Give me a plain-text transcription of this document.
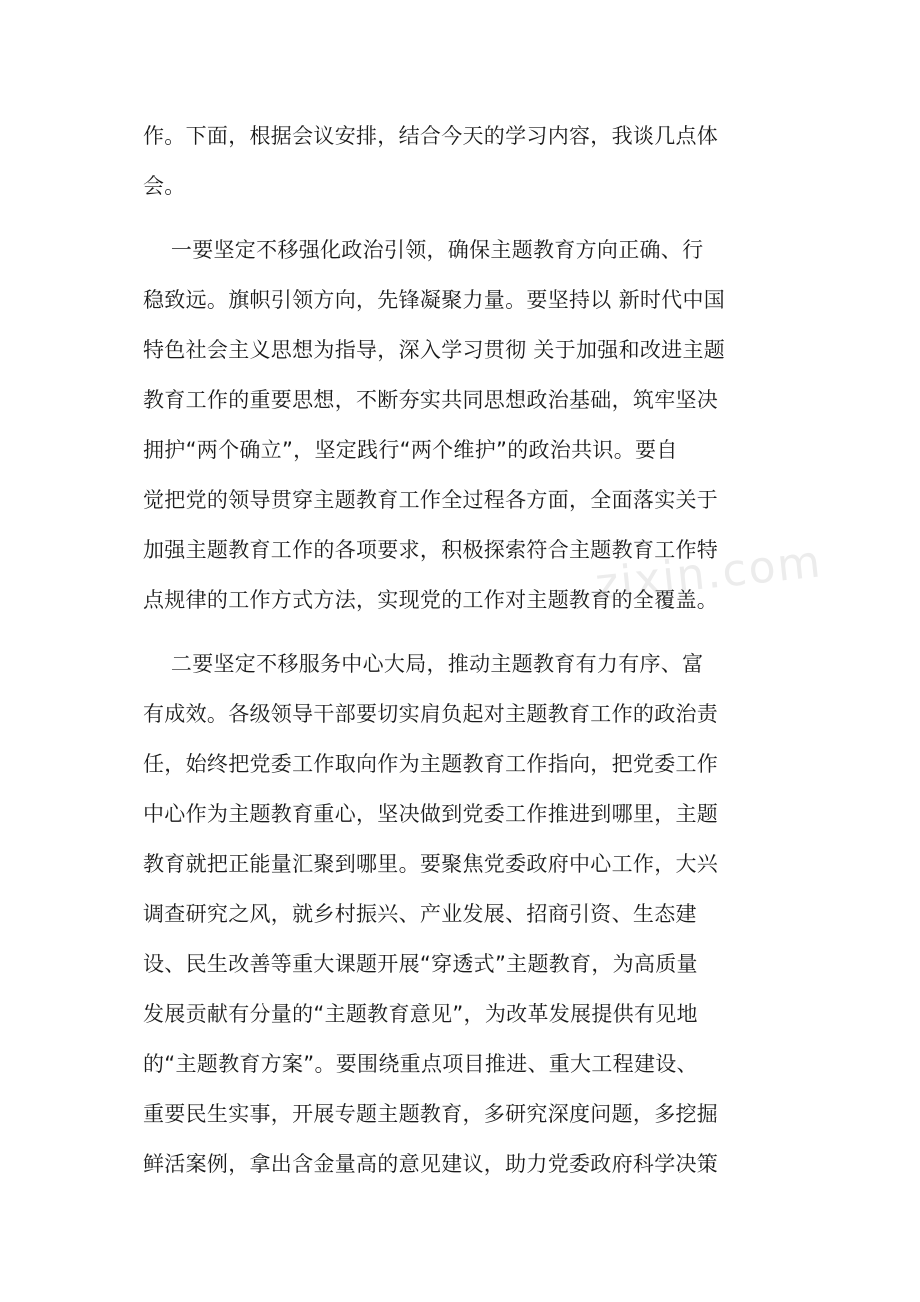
zixin.com
作。下面，根据会议安排，结合今天的学习内容，我谈几点体
会。
一要坚定不移强化政治引领，确保主题教育方向正确、行
稳致远。旗帜引领方向，先锋凝聚力量。要坚持以 新时代中国
特色社会主义思想为指导，深入学习贯彻 关于加强和改进主题
教育工作的重要思想，不断夯实共同思想政治基础，筑牢坚决
拥护“两个确立”，坚定践行“两个维护”的政治共识。要自
觉把党的领导贯穿主题教育工作全过程各方面，全面落实关于
加强主题教育工作的各项要求，积极探索符合主题教育工作特
点规律的工作方式方法，实现党的工作对主题教育的全覆盖。
二要坚定不移服务中心大局，推动主题教育有力有序、富
有成效。各级领导干部要切实肩负起对主题教育工作的政治责
任，始终把党委工作取向作为主题教育工作指向，把党委工作
中心作为主题教育重心，坚决做到党委工作推进到哪里，主题
教育就把正能量汇聚到哪里。要聚焦党委政府中心工作，大兴
调查研究之风，就乡村振兴、产业发展、招商引资、生态建
设、民生改善等重大课题开展“穿透式”主题教育，为高质量
发展贡献有分量的“主题教育意见”，为改革发展提供有见地
的“主题教育方案”。要围绕重点项目推进、重大工程建设、
重要民生实事，开展专题主题教育，多研究深度问题，多挖掘
鲜活案例，拿出含金量高的意见建议，助力党委政府科学决策
